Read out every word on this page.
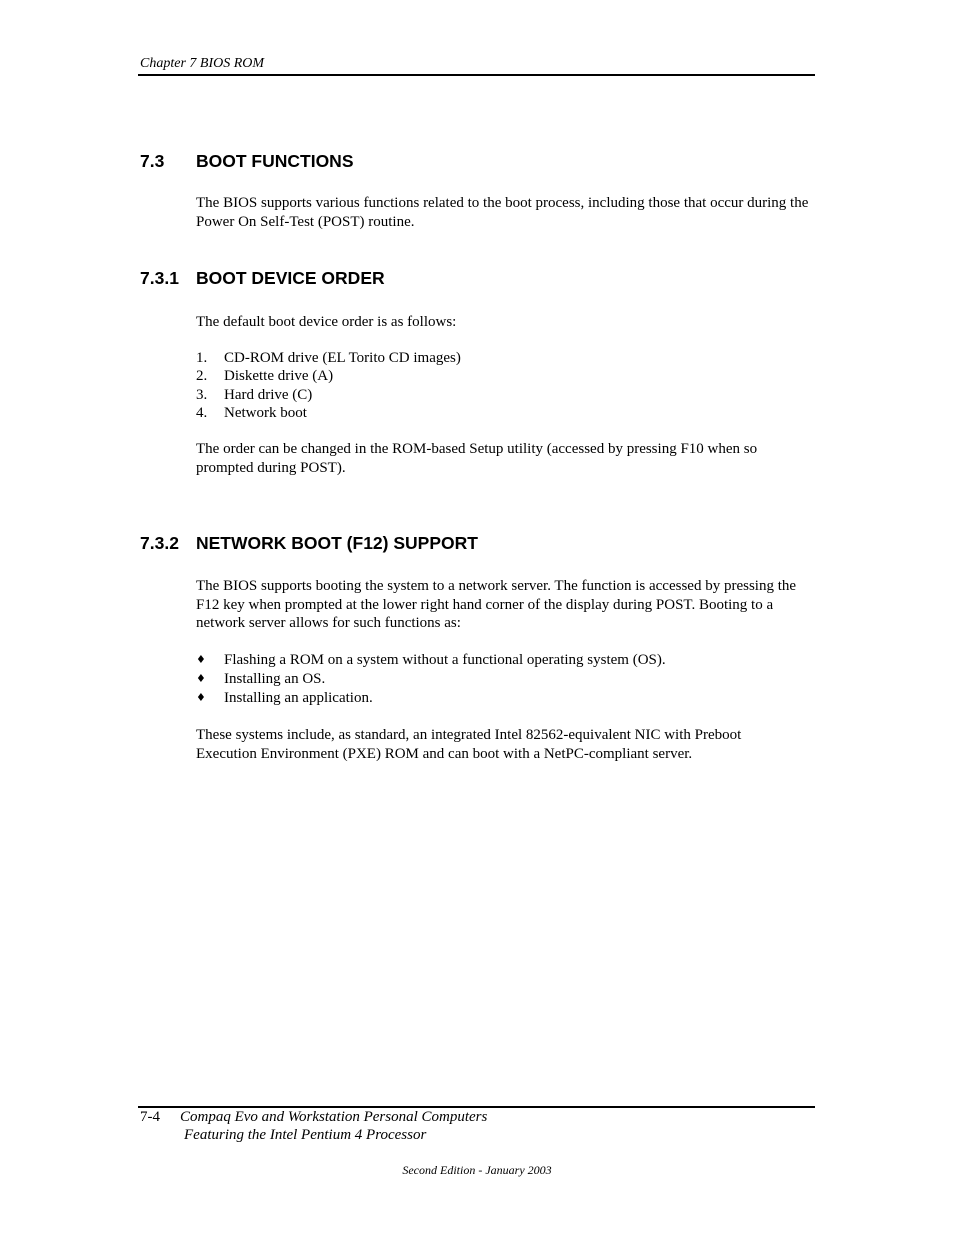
Chapter 7 BIOS ROM
7.3 BOOT FUNCTIONS
The BIOS supports various functions related to the boot process, including those that occur during the Power On Self-Test (POST) routine.
7.3.1 BOOT DEVICE ORDER
The default boot device order is as follows:
1. CD-ROM drive (EL Torito CD images)
2. Diskette drive (A)
3. Hard drive (C)
4. Network boot
The order can be changed in the ROM-based Setup utility (accessed by pressing F10 when so prompted during POST).
7.3.2 NETWORK BOOT (F12) SUPPORT
The BIOS supports booting the system to a network server. The function is accessed by pressing the F12 key when prompted at the lower right hand corner of the display during POST. Booting to a network server allows for such functions as:
♦ Flashing a ROM on a system without a functional operating system (OS).
♦ Installing an OS.
♦ Installing an application.
These systems include, as standard, an integrated Intel 82562-equivalent NIC with Preboot Execution Environment (PXE) ROM and can boot with a NetPC-compliant server.
7-4 Compaq Evo and Workstation Personal Computers
Featuring the Intel Pentium 4 Processor
Second Edition - January 2003
